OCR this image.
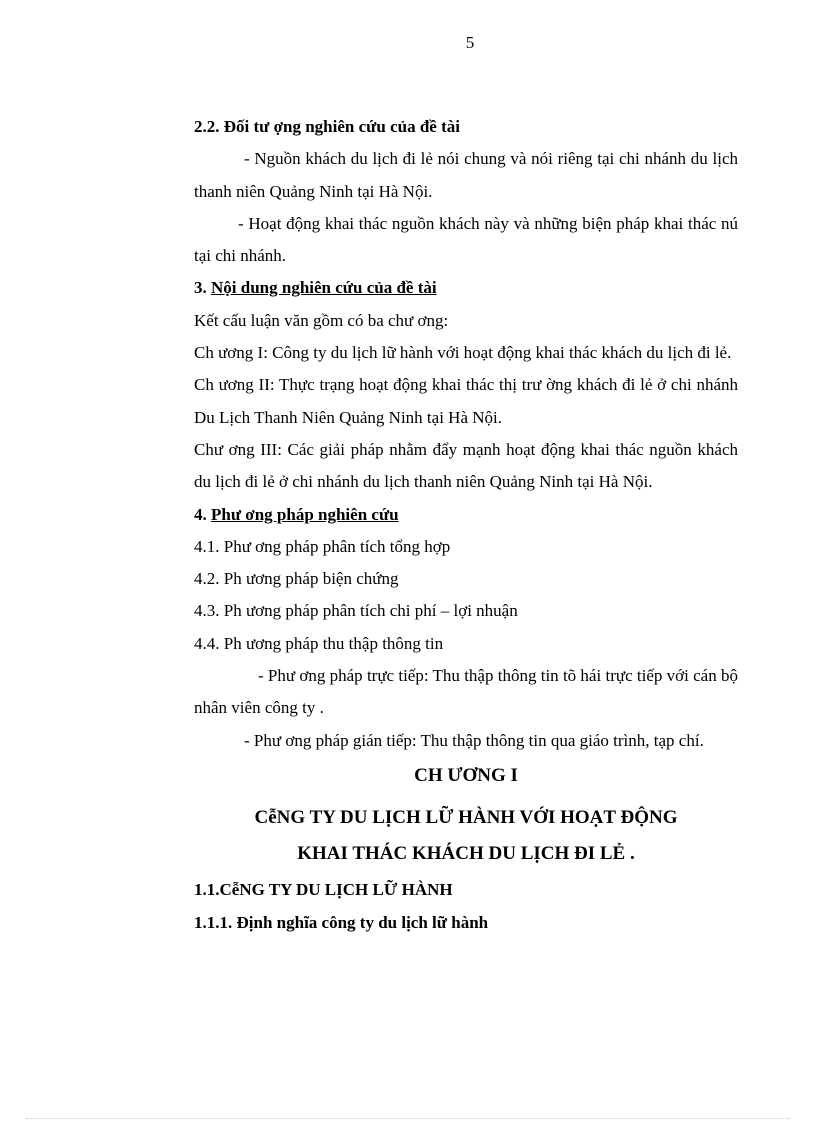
5

2.2. Đối tư ợng nghiên cứu của đề tài

- Nguồn khách du lịch đi lẻ nói chung và nói riêng tại chi nhánh du lịch thanh niên Quảng Ninh tại Hà Nội.

- Hoạt động khai thác nguồn khách này và những biện pháp khai thác nú tại chi nhánh.

3. Nội dung nghiên cứu của đề tài

Kết cấu luận văn gồm có ba chư ơng:

Ch ương I: Công ty du lịch lữ hành với hoạt động khai thác khách du lịch đi lẻ.

Ch ương II: Thực trạng hoạt động khai thác thị trư ờng khách đi lẻ ở chi nhánh Du Lịch Thanh Niên Quảng Ninh tại Hà Nội.

Chư ơng III: Các giải pháp nhằm đẩy mạnh hoạt động khai thác nguồn khách du lịch đi lẻ ở chi nhánh du lịch thanh niên Quảng Ninh tại Hà Nội.

4. Phư ơng pháp nghiên cứu

4.1. Phư ơng pháp phân tích tổng hợp

4.2. Ph ương pháp biện chứng

4.3. Ph ương pháp phân tích chi phí – lợi nhuận

4.4. Ph ương pháp thu thập thông tin

- Phư ơng pháp trực tiếp: Thu thập thông tin tõ hái trực tiếp với cán bộ nhân viên công ty .

- Phư ơng pháp gián tiếp: Thu thập thông tin qua giáo trình, tạp chí.

CH ƯƠNG I

CễNG TY DU LỊCH LỮ HÀNH VỚI HOẠT ĐỘNG

KHAI THÁC KHÁCH DU LỊCH ĐI LẺ .

1.1.CễNG TY DU LỊCH LỮ HÀNH

1.1.1. Định nghĩa công ty du lịch lữ hành
